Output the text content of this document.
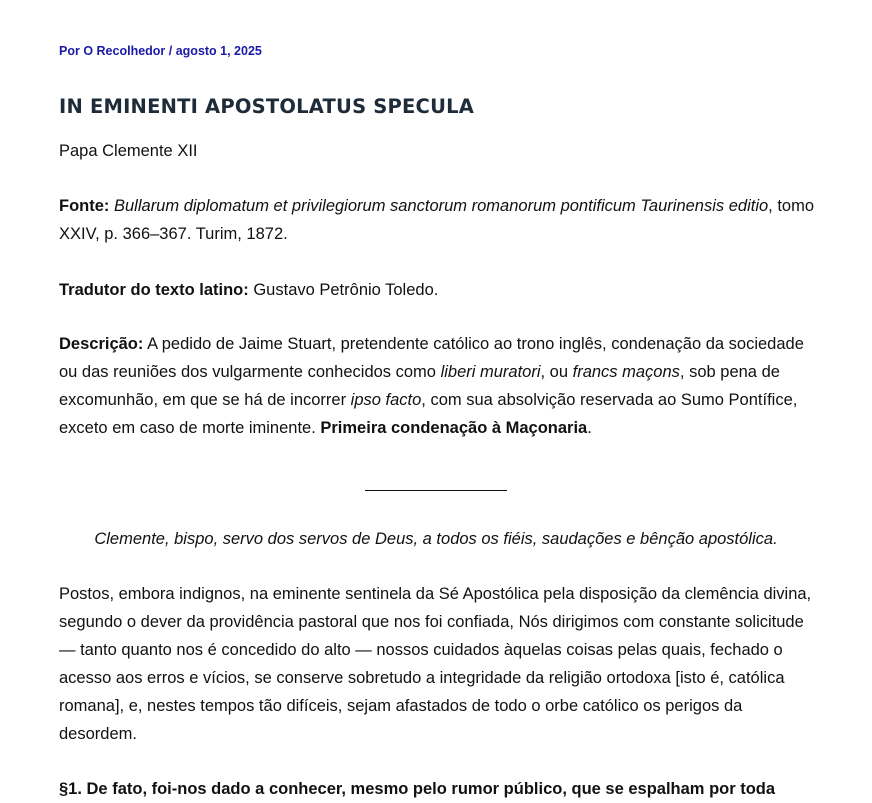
Por O Recolhedor / agosto 1, 2025
IN EMINENTI APOSTOLATUS SPECULA

Papa Clemente XII

Fonte: Bullarum diplomatum et privilegiorum sanctorum romanorum pontificum Taurinensis editio, tomo XXIV, p. 366–367. Turim, 1872.

Tradutor do texto latino: Gustavo Petrônio Toledo.

Descrição: A pedido de Jaime Stuart, pretendente católico ao trono inglês, condenação da sociedade ou das reuniões dos vulgarmente conhecidos como liberi muratori, ou francs maçons, sob pena de excomunhão, em que se há de incorrer ipso facto, com sua absolvição reservada ao Sumo Pontífice, exceto em caso de morte iminente. Primeira condenação à Maçonaria.

Clemente, bispo, servo dos servos de Deus, a todos os fiéis, saudações e bênção apostólica.

Postos, embora indignos, na eminente sentinela da Sé Apostólica pela disposição da clemência divina, segundo o dever da providência pastoral que nos foi confiada, Nós dirigimos com constante solicitude — tanto quanto nos é concedido do alto — nossos cuidados àquelas coisas pelas quais, fechado o acesso aos erros e vícios, se conserve sobretudo a integridade da religião ortodoxa [isto é, católica romana], e, nestes tempos tão difíceis, sejam afastados de todo o orbe católico os perigos da desordem.

§1. De fato, foi-nos dado a conhecer, mesmo pelo rumor público, que se espalham por toda
